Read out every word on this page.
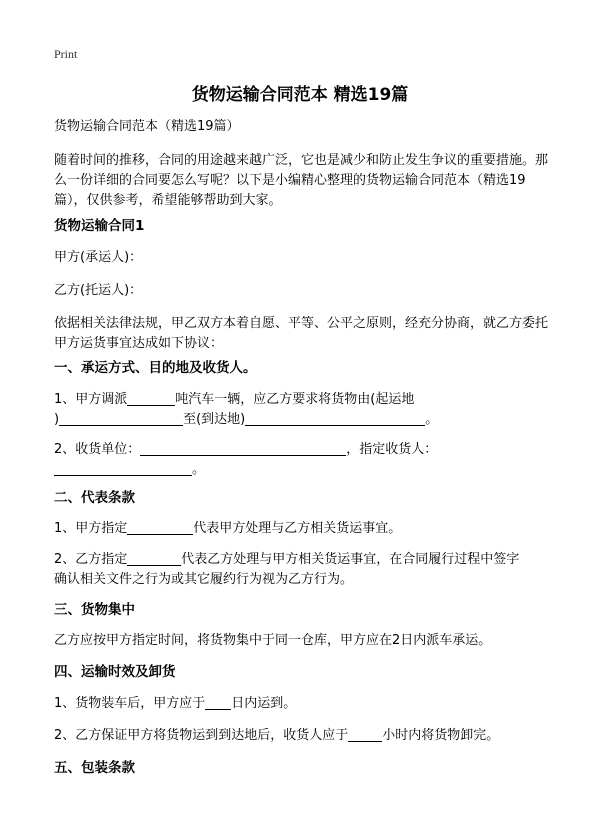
Print
货物运输合同范本 精选19篇
货物运输合同范本（精选19篇）
随着时间的推移，合同的用途越来越广泛，它也是减少和防止发生争议的重要措施。那么一份详细的合同要怎么写呢？以下是小编精心整理的货物运输合同范本（精选19篇），仅供参考，希望能够帮助到大家。
货物运输合同1
甲方(承运人)：
乙方(托运人)：
依据相关法律法规，甲乙双方本着自愿、平等、公平之原则，经充分协商，就乙方委托甲方运货事宜达成如下协议：
一、承运方式、目的地及收货人。
1、甲方调派	吨汽车一辆，应乙方要求将货物由(起运地
)	至(到达地)	。
2、收货单位：	，指定收货人：
。
二、代表条款
1、甲方指定	代表甲方处理与乙方相关货运事宜。
2、乙方指定	代表乙方处理与甲方相关货运事宜，在合同履行过程中签字
确认相关文件之行为或其它履约行为视为乙方行为。
三、货物集中
乙方应按甲方指定时间，将货物集中于同一仓库，甲方应在2日内派车承运。
四、运输时效及卸货
1、货物装车后，甲方应于 日内运到。
2、乙方保证甲方将货物运到到达地后，收货人应于	小时内将货物卸完。
五、包装条款
